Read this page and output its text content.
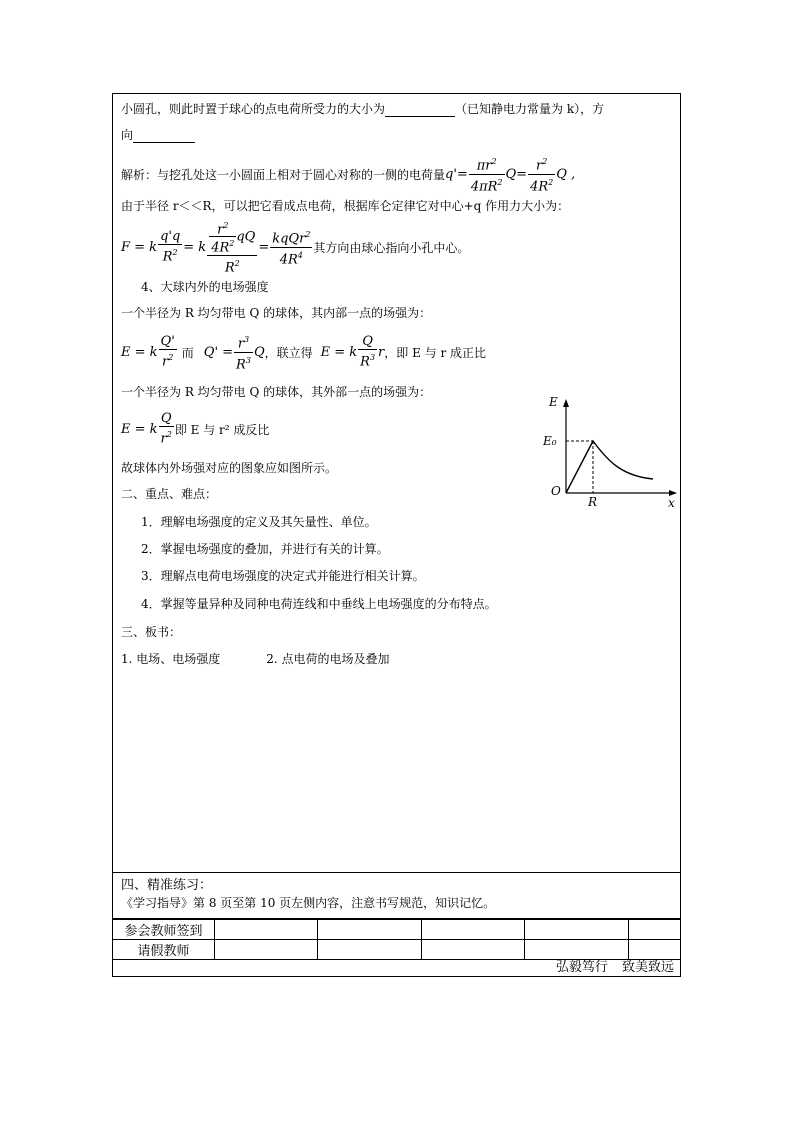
小圆孔，则此时置于球心的点电荷所受力的大小为	（已知静电力常量为 k），方
向
解析：与挖孔处这一小圆面上相对于圆心对称的一侧的电荷量 $q'= \frac{\pi r^2}{4\pi R^2} Q= \frac{r^2}{4R^2}$ Q ,
由于半径 r＜＜R，可以把它看成点电荷，根据库仑定律它对中心+q 作用力大小为：
F = k $\frac{q'q}{R^2} = k \frac{\frac{r^2}{4R^2} qQ}{R^2} = \frac{kqQr^2}{4R^4}$ 其方向由球心指向小孔中心。
4、大球内外的电场强度
一个半径为 R 均匀带电 Q 的球体，其内部一点的场强为：
E = k $\frac{Q'}{r^2}$ 而 $Q' = \frac{r^3}{R^3}$ Q ，联立得 E = k $\frac{Q}{R^3}$ r ，即 E 与 r 成正比
一个半径为 R 均匀带电 Q 的球体，其外部一点的场强为：
E = k $\frac{Q}{r^2}$ 即 E 与 r² 成反比
故球体内外场强对应的图象应如图所示。
E
x
O
E₀
R
二、重点、难点：
1．理解电场强度的定义及其矢量性、单位。
2．掌握电场强度的叠加，并进行有关的计算。
3．理解点电荷电场强度的决定式并能进行相关计算。
4．掌握等量异种及同种电荷连线和中垂线上电场强度的分布特点。
三、板书：
1. 电场、电场强度	2. 点电荷的电场及叠加
四、精准练习：
《学习指导》第 8 页至第 10 页左侧内容，注意书写规范，知识记忆。
参会教师签到					
请假教师					
弘毅笃行 致美致远
